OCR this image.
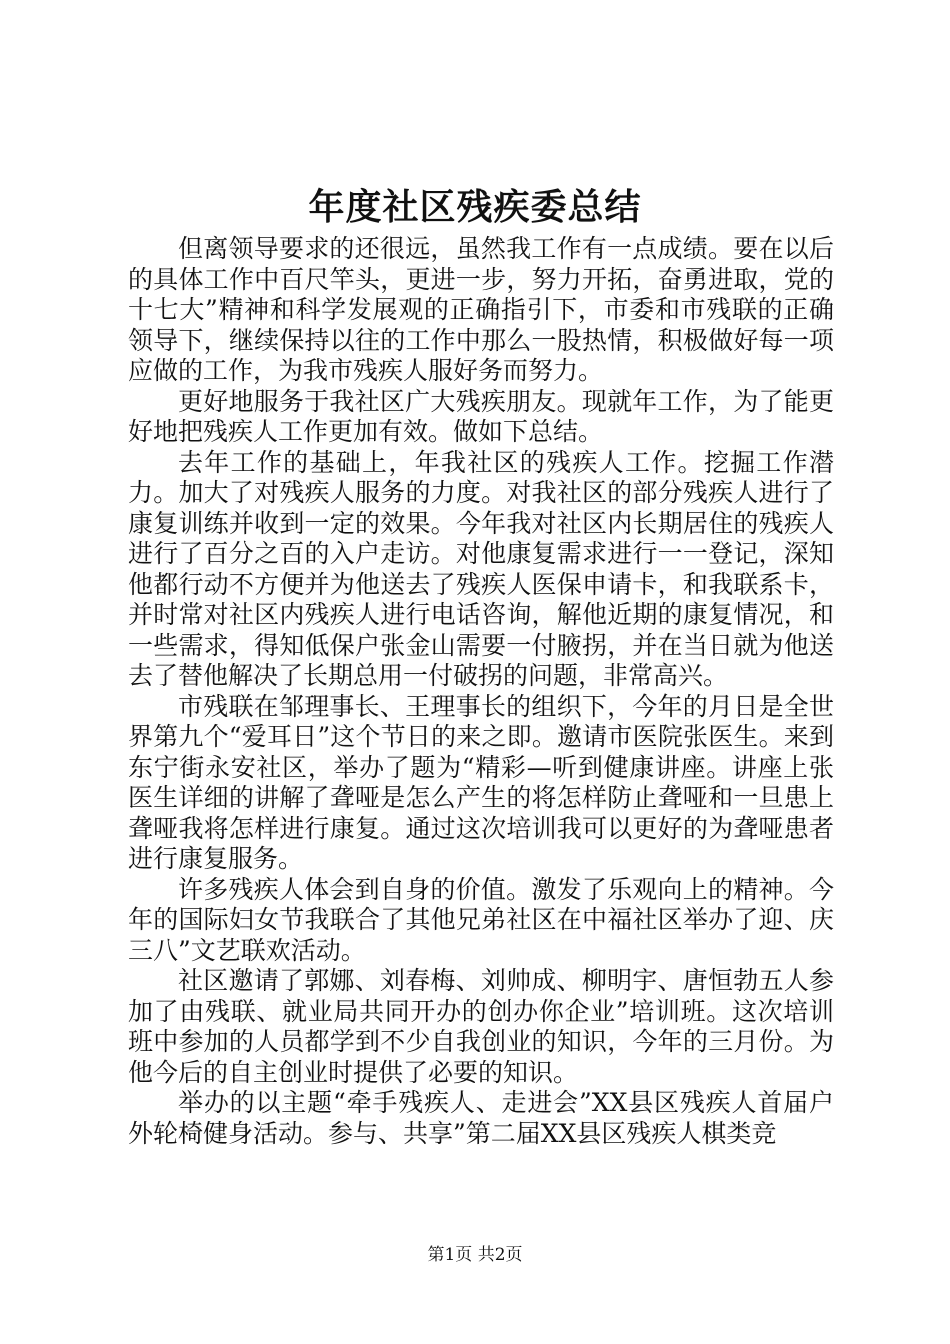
年度社区残疾委总结

但离领导要求的还很远，虽然我工作有一点成绩。要在以后的具体工作中百尺竿头，更进一步，努力开拓，奋勇进取，党的十七大”精神和科学发展观的正确指引下，市委和市残联的正确领导下，继续保持以往的工作中那么一股热情，积极做好每一项应做的工作，为我市残疾人服好务而努力。

更好地服务于我社区广大残疾朋友。现就年工作，为了能更好地把残疾人工作更加有效。做如下总结。

去年工作的基础上，年我社区的残疾人工作。挖掘工作潜力。加大了对残疾人服务的力度。对我社区的部分残疾人进行了康复训练并收到一定的效果。今年我对社区内长期居住的残疾人进行了百分之百的入户走访。对他康复需求进行一一登记，深知他都行动不方便并为他送去了残疾人医保申请卡，和我联系卡，并时常对社区内残疾人进行电话咨询，解他近期的康复情况，和一些需求，得知低保户张金山需要一付腋拐，并在当日就为他送去了替他解决了长期总用一付破拐的问题，非常高兴。

市残联在邹理事长、王理事长的组织下，今年的月日是全世界第九个“爱耳日”这个节日的来之即。邀请市医院张医生。来到东宁街永安社区，举办了题为“精彩—听到健康讲座。讲座上张医生详细的讲解了聋哑是怎么产生的将怎样防止聋哑和一旦患上聋哑我将怎样进行康复。通过这次培训我可以更好的为聋哑患者进行康复服务。

许多残疾人体会到自身的价值。激发了乐观向上的精神。今年的国际妇女节我联合了其他兄弟社区在中福社区举办了迎、庆三八”文艺联欢活动。

社区邀请了郭娜、刘春梅、刘帅成、柳明宇、唐恒勃五人参加了由残联、就业局共同开办的创办你企业”培训班。这次培训班中参加的人员都学到不少自我创业的知识，今年的三月份。为他今后的自主创业时提供了必要的知识。

举办的以主题“牵手残疾人、走进会”XX县区残疾人首届户外轮椅健身活动。参与、共享”第二届XX县区残疾人棋类竞

第1页 共2页
